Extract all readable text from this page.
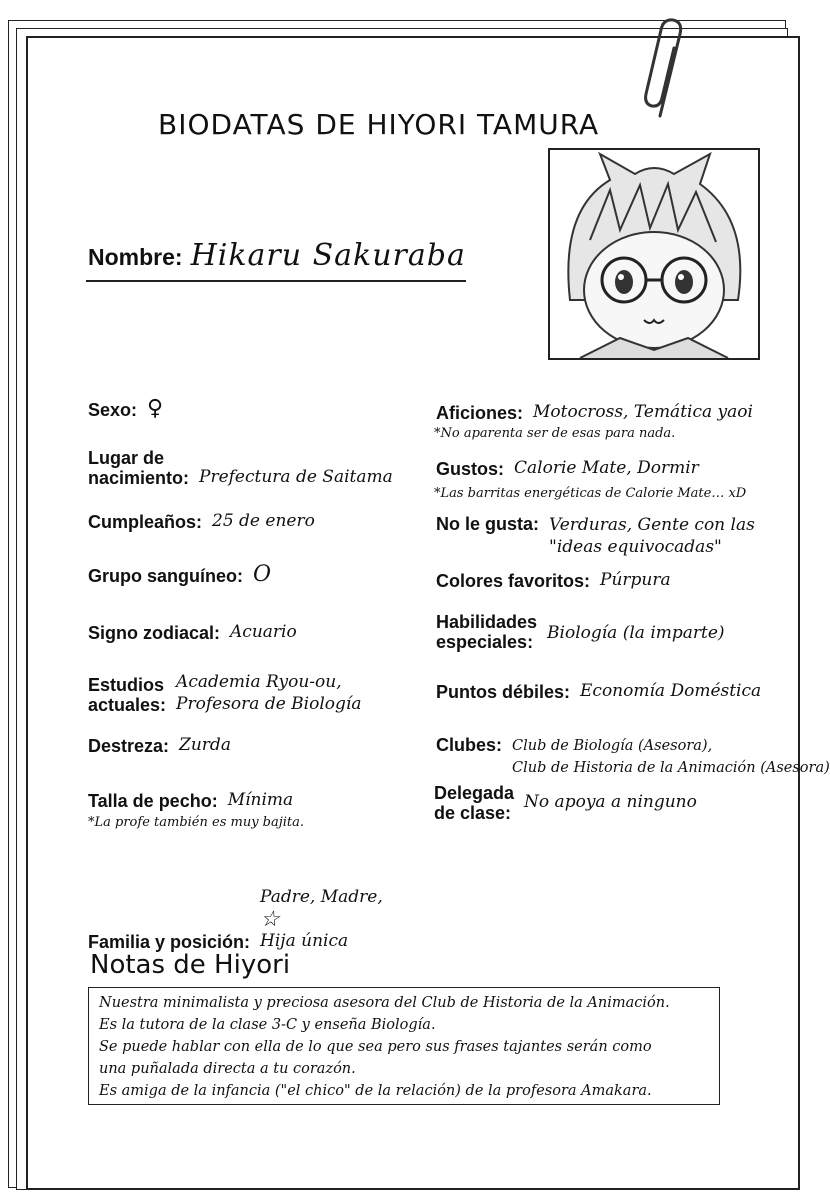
BIODATAS DE HIYORI TAMURA
Nombre: Hikaru Sakuraba
Sexo: ♀
Lugar de
nacimiento: Prefectura de Saitama
Cumpleaños: 25 de enero
Grupo sanguíneo: O
Signo zodiacal: Acuario
Estudios
actuales:
Academia Ryou-ou,
Profesora de Biología
Destreza: Zurda
Talla de pecho: Mínima
*La profe también es muy bajita.
Aficiones: Motocross, Temática yaoi
*No aparenta ser de esas para nada.
Gustos: Calorie Mate, Dormir
*Las barritas energéticas de Calorie Mate… xD
No le gusta: Verduras, Gente con las
"ideas equivocadas"
Colores favoritos: Púrpura
Habilidades
especiales: Biología (la imparte)
Puntos débiles: Economía Doméstica
Clubes: Club de Biología (Asesora),
Club de Historia de la Animación (Asesora)
Delegada
de clase:
No apoya a ninguno
Familia y posición:

Padre, Madre,
☆
Hija única

Notas de Hiyori
Nuestra minimalista y preciosa asesora del Club de Historia de la Animación.
Es la tutora de la clase 3-C y enseña Biología.
Se puede hablar con ella de lo que sea pero sus frases tajantes serán como
una puñalada directa a tu corazón.
Es amiga de la infancia ("el chico" de la relación) de la profesora Amakara.
